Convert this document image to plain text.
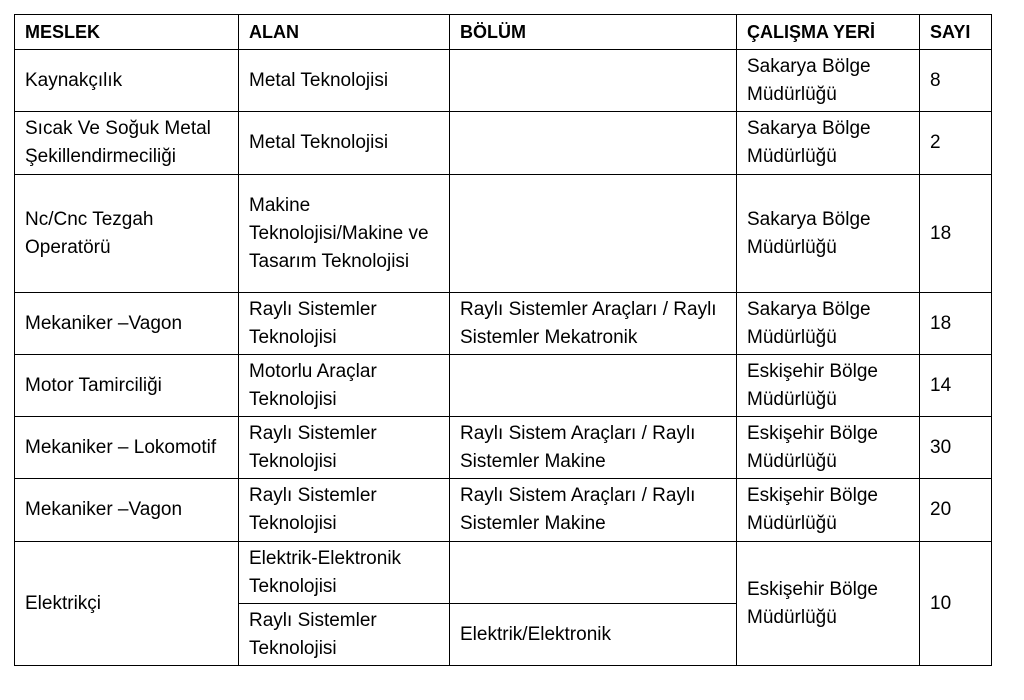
MESLEK	ALAN	BÖLÜM	ÇALIŞMA YERİ	SAYI
Kaynakçılık	Metal Teknolojisi		Sakarya Bölge Müdürlüğü	8
Sıcak Ve Soğuk Metal Şekillendirmeciliği	Metal Teknolojisi		Sakarya Bölge Müdürlüğü	2
Nc/Cnc Tezgah Operatörü	Makine Teknolojisi/Makine ve Tasarım Teknolojisi		Sakarya Bölge Müdürlüğü	18
Mekaniker –Vagon	Raylı Sistemler Teknolojisi	Raylı Sistemler Araçları / Raylı Sistemler Mekatronik	Sakarya Bölge Müdürlüğü	18
Motor Tamirciliği	Motorlu Araçlar Teknolojisi		Eskişehir Bölge Müdürlüğü	14
Mekaniker – Lokomotif	Raylı Sistemler Teknolojisi	Raylı Sistem Araçları / Raylı Sistemler Makine	Eskişehir Bölge Müdürlüğü	30
Mekaniker –Vagon	Raylı Sistemler Teknolojisi	Raylı Sistem Araçları / Raylı Sistemler Makine	Eskişehir Bölge Müdürlüğü	20
Elektrikçi	Elektrik-Elektronik Teknolojisi		Eskişehir Bölge Müdürlüğü	10
	Raylı Sistemler Teknolojisi	Elektrik/Elektronik		
